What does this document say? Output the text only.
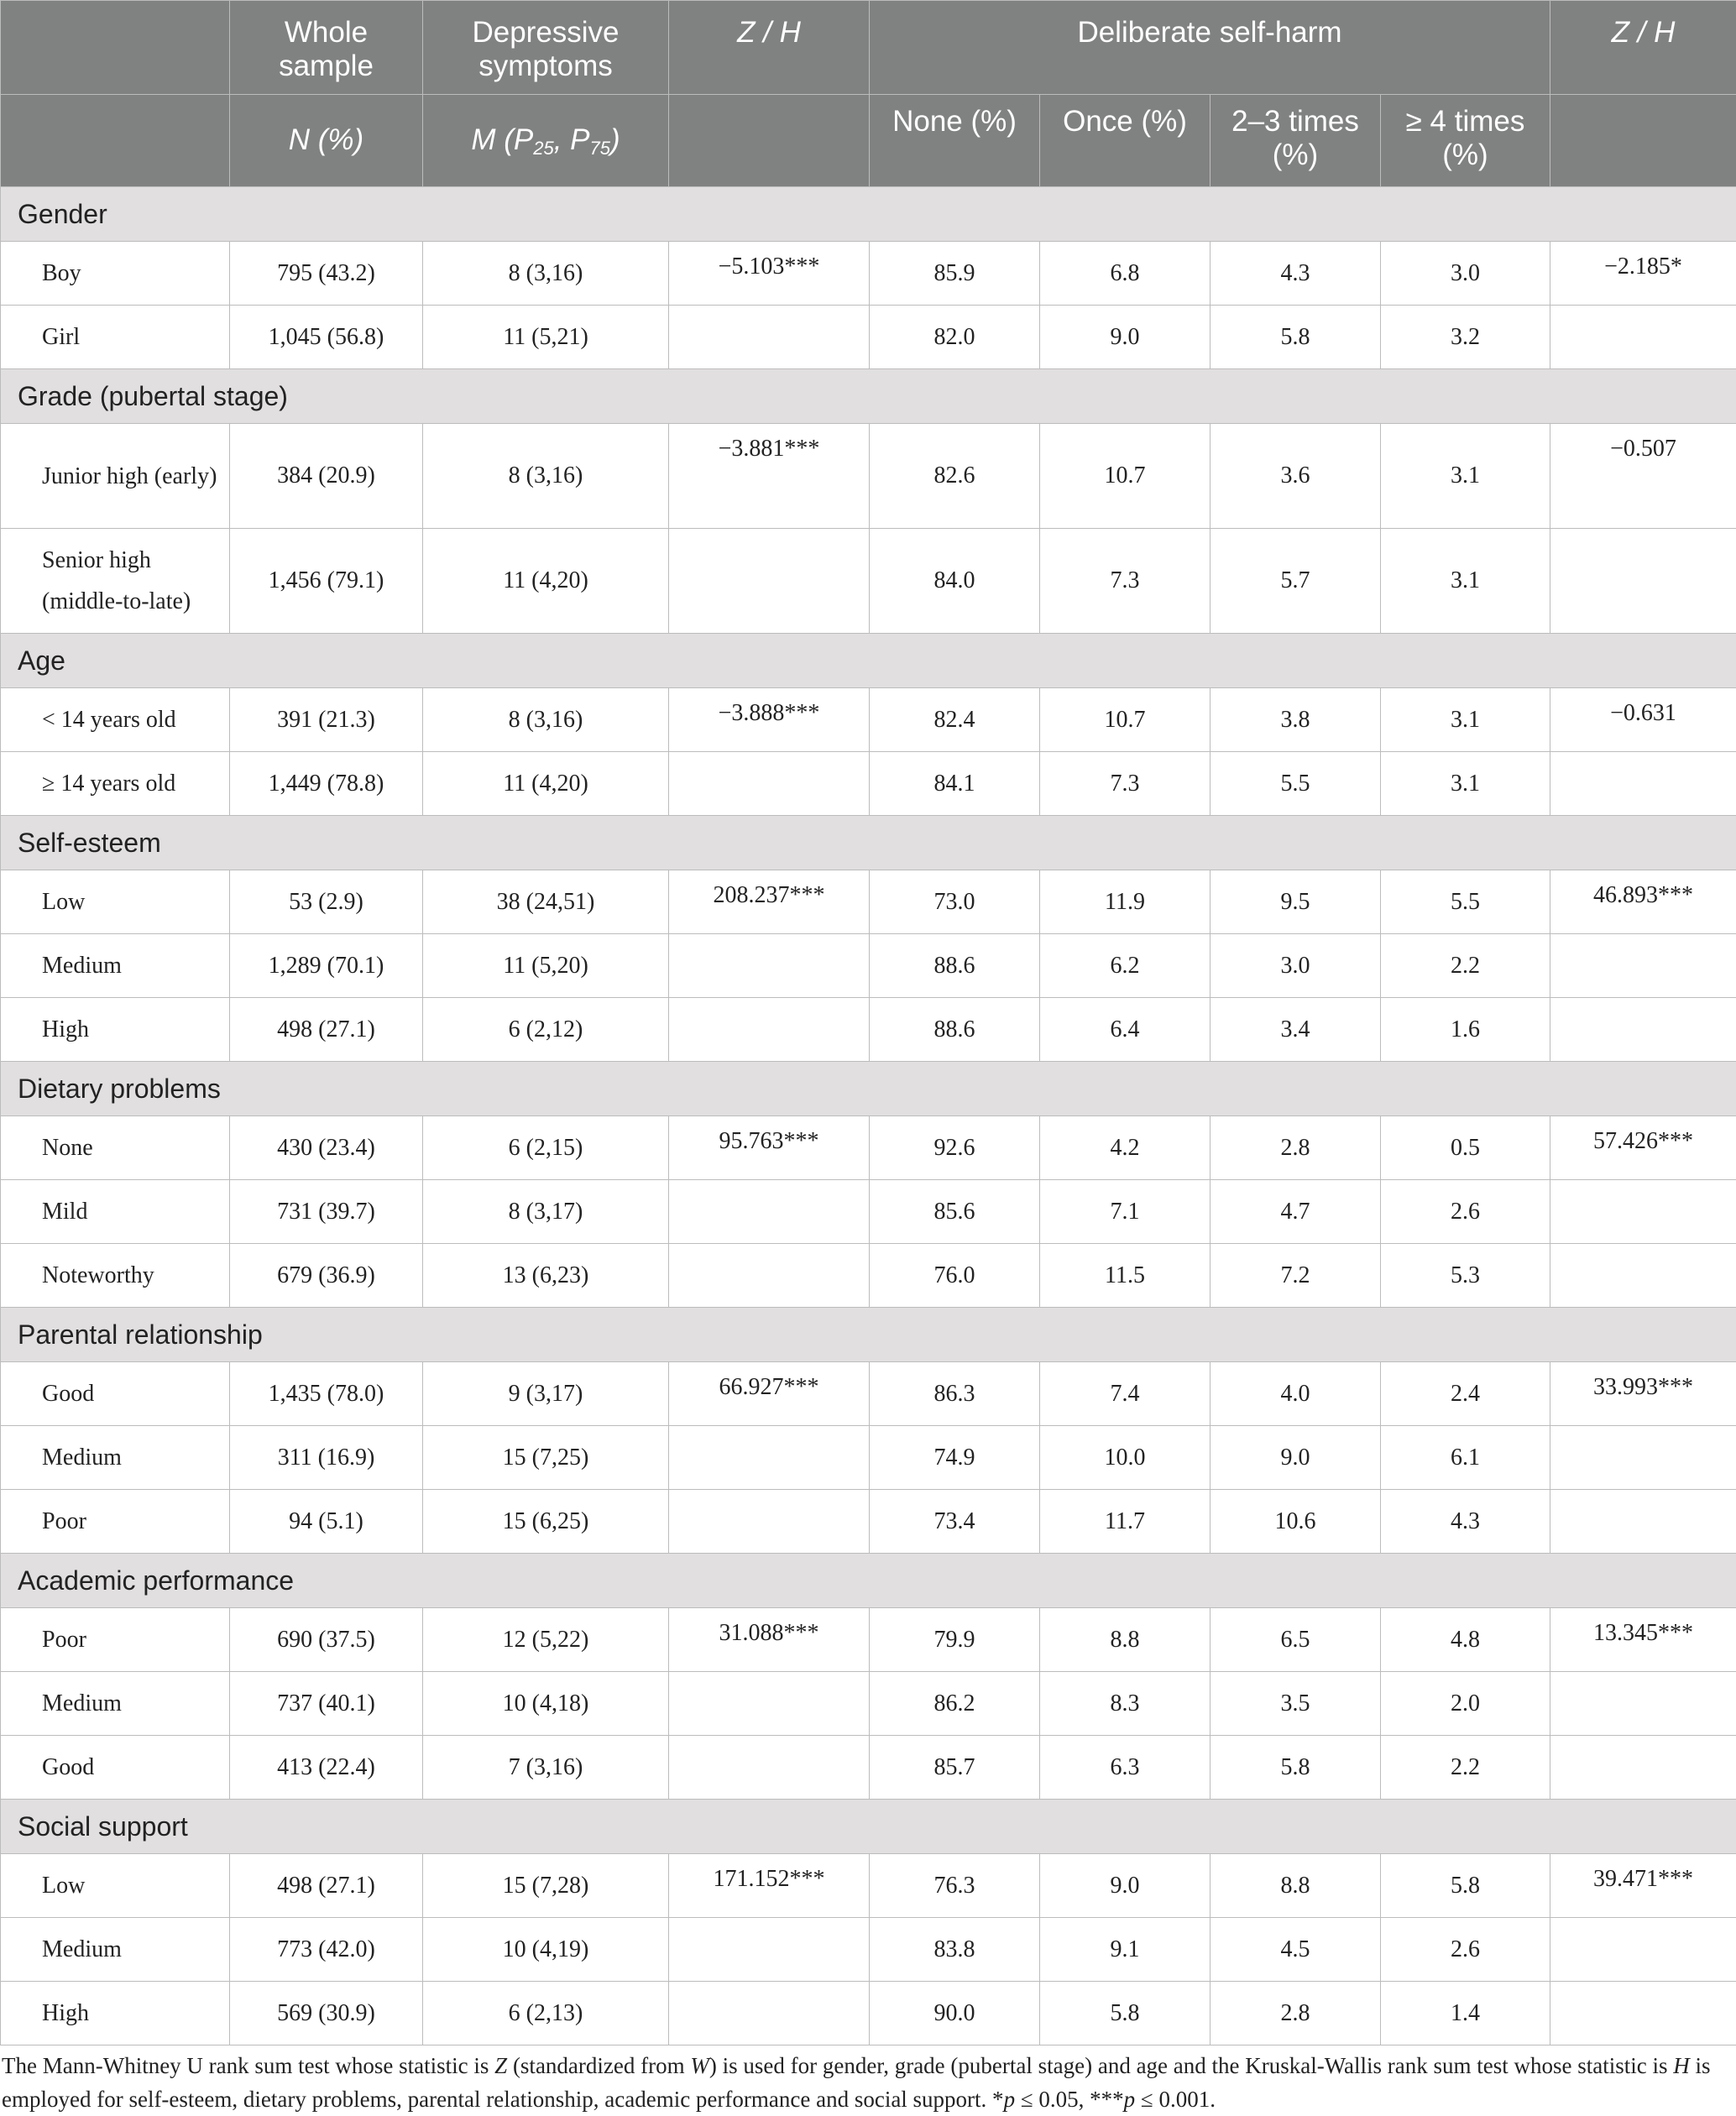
	Whole sample	Depressive symptoms	Z / H	Deliberate self-harm				Z / H
	N (%)	M ($P_{25}$, $P_{75}$)		None (%)	Once (%)	2–3 times (%)	≥ 4 times (%)	
Gender								
Boy	795 (43.2)	8 (3,16)	−5.103***	85.9	6.8	4.3	3.0	−2.185*
Girl	1,045 (56.8)	11 (5,21)		82.0	9.0	5.8	3.2	
Grade (pubertal stage)								
Junior high (early)	384 (20.9)	8 (3,16)	−3.881***	82.6	10.7	3.6	3.1	−0.507
Senior high (middle-to-late)	1,456 (79.1)	11 (4,20)		84.0	7.3	5.7	3.1	
Age								
< 14 years old	391 (21.3)	8 (3,16)	−3.888***	82.4	10.7	3.8	3.1	−0.631
≥ 14 years old	1,449 (78.8)	11 (4,20)		84.1	7.3	5.5	3.1	
Self-esteem								
Low	53 (2.9)	38 (24,51)	208.237***	73.0	11.9	9.5	5.5	46.893***
Medium	1,289 (70.1)	11 (5,20)		88.6	6.2	3.0	2.2	
High	498 (27.1)	6 (2,12)		88.6	6.4	3.4	1.6	
Dietary problems								
None	430 (23.4)	6 (2,15)	95.763***	92.6	4.2	2.8	0.5	57.426***
Mild	731 (39.7)	8 (3,17)		85.6	7.1	4.7	2.6	
Noteworthy	679 (36.9)	13 (6,23)		76.0	11.5	7.2	5.3	
Parental relationship								
Good	1,435 (78.0)	9 (3,17)	66.927***	86.3	7.4	4.0	2.4	33.993***
Medium	311 (16.9)	15 (7,25)		74.9	10.0	9.0	6.1	
Poor	94 (5.1)	15 (6,25)		73.4	11.7	10.6	4.3	
Academic performance								
Poor	690 (37.5)	12 (5,22)	31.088***	79.9	8.8	6.5	4.8	13.345***
Medium	737 (40.1)	10 (4,18)		86.2	8.3	3.5	2.0	
Good	413 (22.4)	7 (3,16)		85.7	6.3	5.8	2.2	
Social support								
Low	498 (27.1)	15 (7,28)	171.152***	76.3	9.0	8.8	5.8	39.471***
Medium	773 (42.0)	10 (4,19)		83.8	9.1	4.5	2.6	
High	569 (30.9)	6 (2,13)		90.0	5.8	2.8	1.4	
The Mann-Whitney U rank sum test whose statistic is Z (standardized from W) is used for gender, grade (pubertal stage) and age and the Kruskal-Wallis rank sum test whose statistic is H is employed for self-esteem, dietary problems, parental relationship, academic performance and social support. *p ≤ 0.05, ***p ≤ 0.001.
